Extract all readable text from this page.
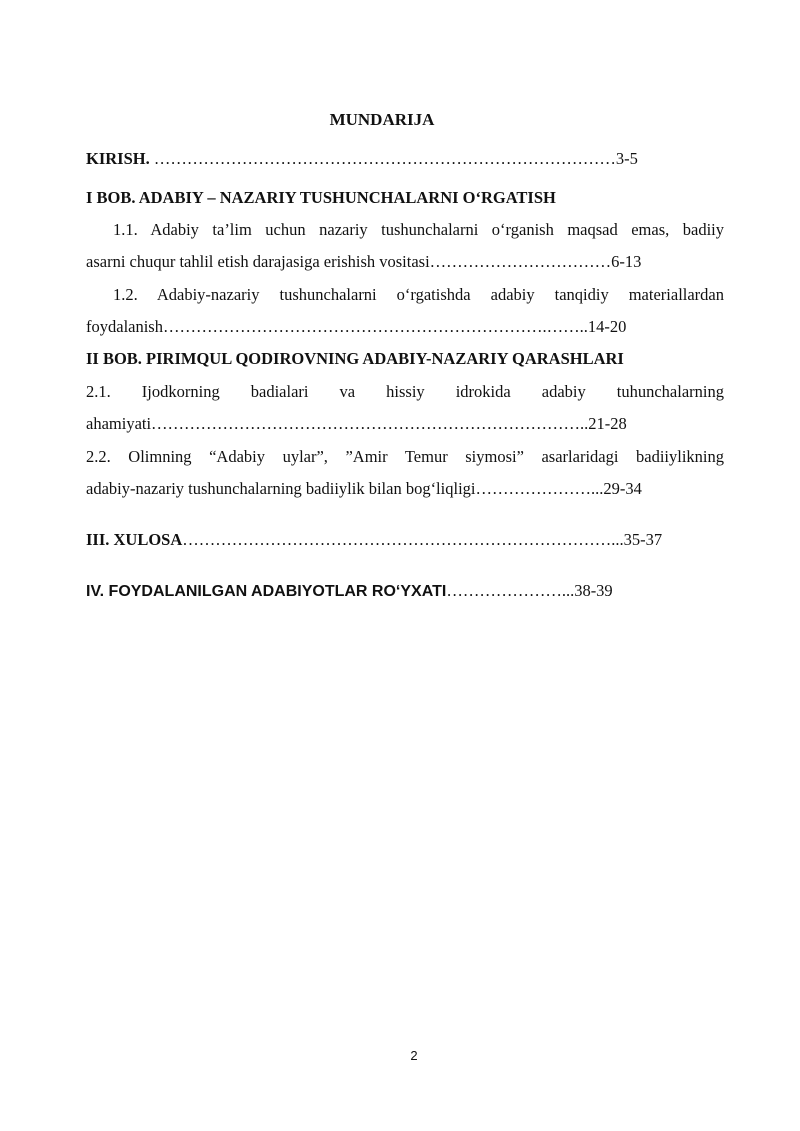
MUNDARIJA
KIRISH. …………………………………………………………………………3-5
I BOB. ADABIY – NAZARIY TUSHUNCHALARNI O‘RGATISH
1.1. Adabiy ta’lim uchun nazariy tushunchalarni o‘rganish maqsad emas, badiiy
asarni chuqur tahlil etish darajasiga erishish vositasi……………………………6-13
1.2. Adabiy-nazariy tushunchalarni o‘rgatishda adabiy tanqidiy materiallardan
foydalanish…………………………………………………………….……..14-20
II BOB. PIRIMQUL QODIROVNING ADABIY-NAZARIY QARASHLARI
2.1. Ijodkorning badialari va hissiy idrokida adabiy tuhunchalarning
ahamiyati……………………………………………………………………..21-28
2.2. Olimning “Adabiy uylar”, ”Amir Temur siymosi” asarlaridagi badiiylikning
adabiy-nazariy tushunchalarning badiiylik bilan bog‘liqligi…………………...29-34
III. XULOSA……………………………………………………………………...35-37
IV. FOYDALANILGAN ADABIYOTLAR RO‘YXATI…………………...38-39
2
